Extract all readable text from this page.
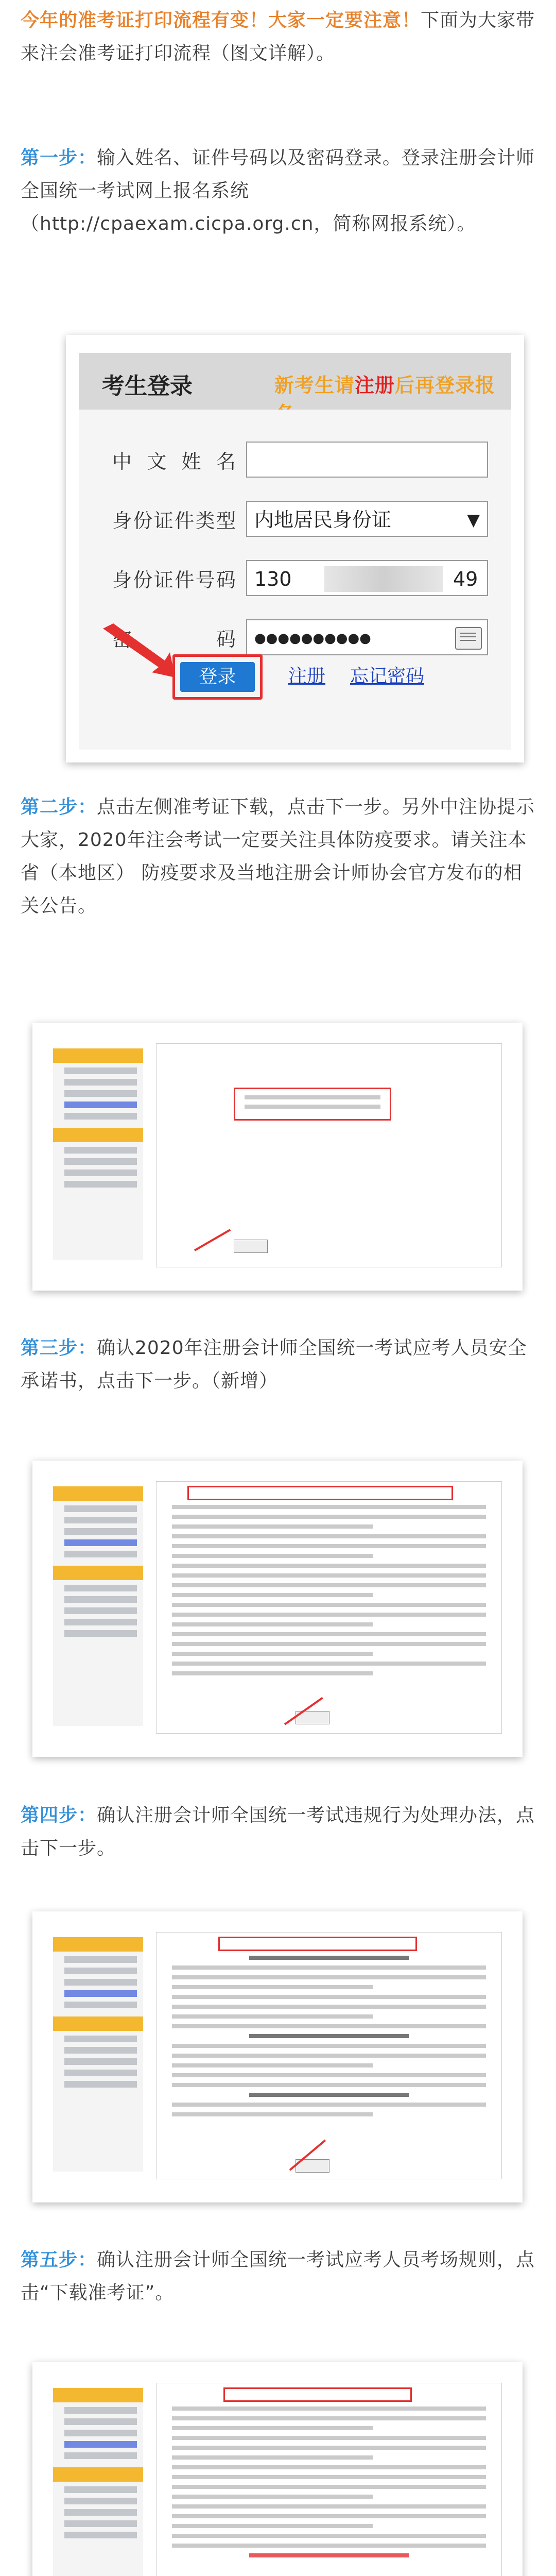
今年的准考证打印流程有变！大家一定要注意！下面为大家带来注会准考证打印流程（图文详解）。
第一步：输入姓名、证件号码以及密码登录。登录注册会计师全国统一考试网上报名系统（http://cpaexam.cicpa.org.cn，简称网报系统）。
考生登录	新考生请注册后再登录报
中文姓名
身份证件类型 内地居民身份证	▼
身份证件号码 130	49
密码	●●●●●●●●●●
登录	注册 忘记密码
第二步：点击左侧准考证下载，点击下一步。另外中注协提示大家，2020年注会考试一定要关注具体防疫要求。请关注本省（本地区） 防疫要求及当地注册会计师协会官方发布的相关公告。
第三步：确认2020年注册会计师全国统一考试应考人员安全承诺书，点击下一步。（新增）
第四步：确认注册会计师全国统一考试违规行为处理办法，点击下一步。
第五步：确认注册会计师全国统一考试应考人员考场规则，点击“下载准考证”。
